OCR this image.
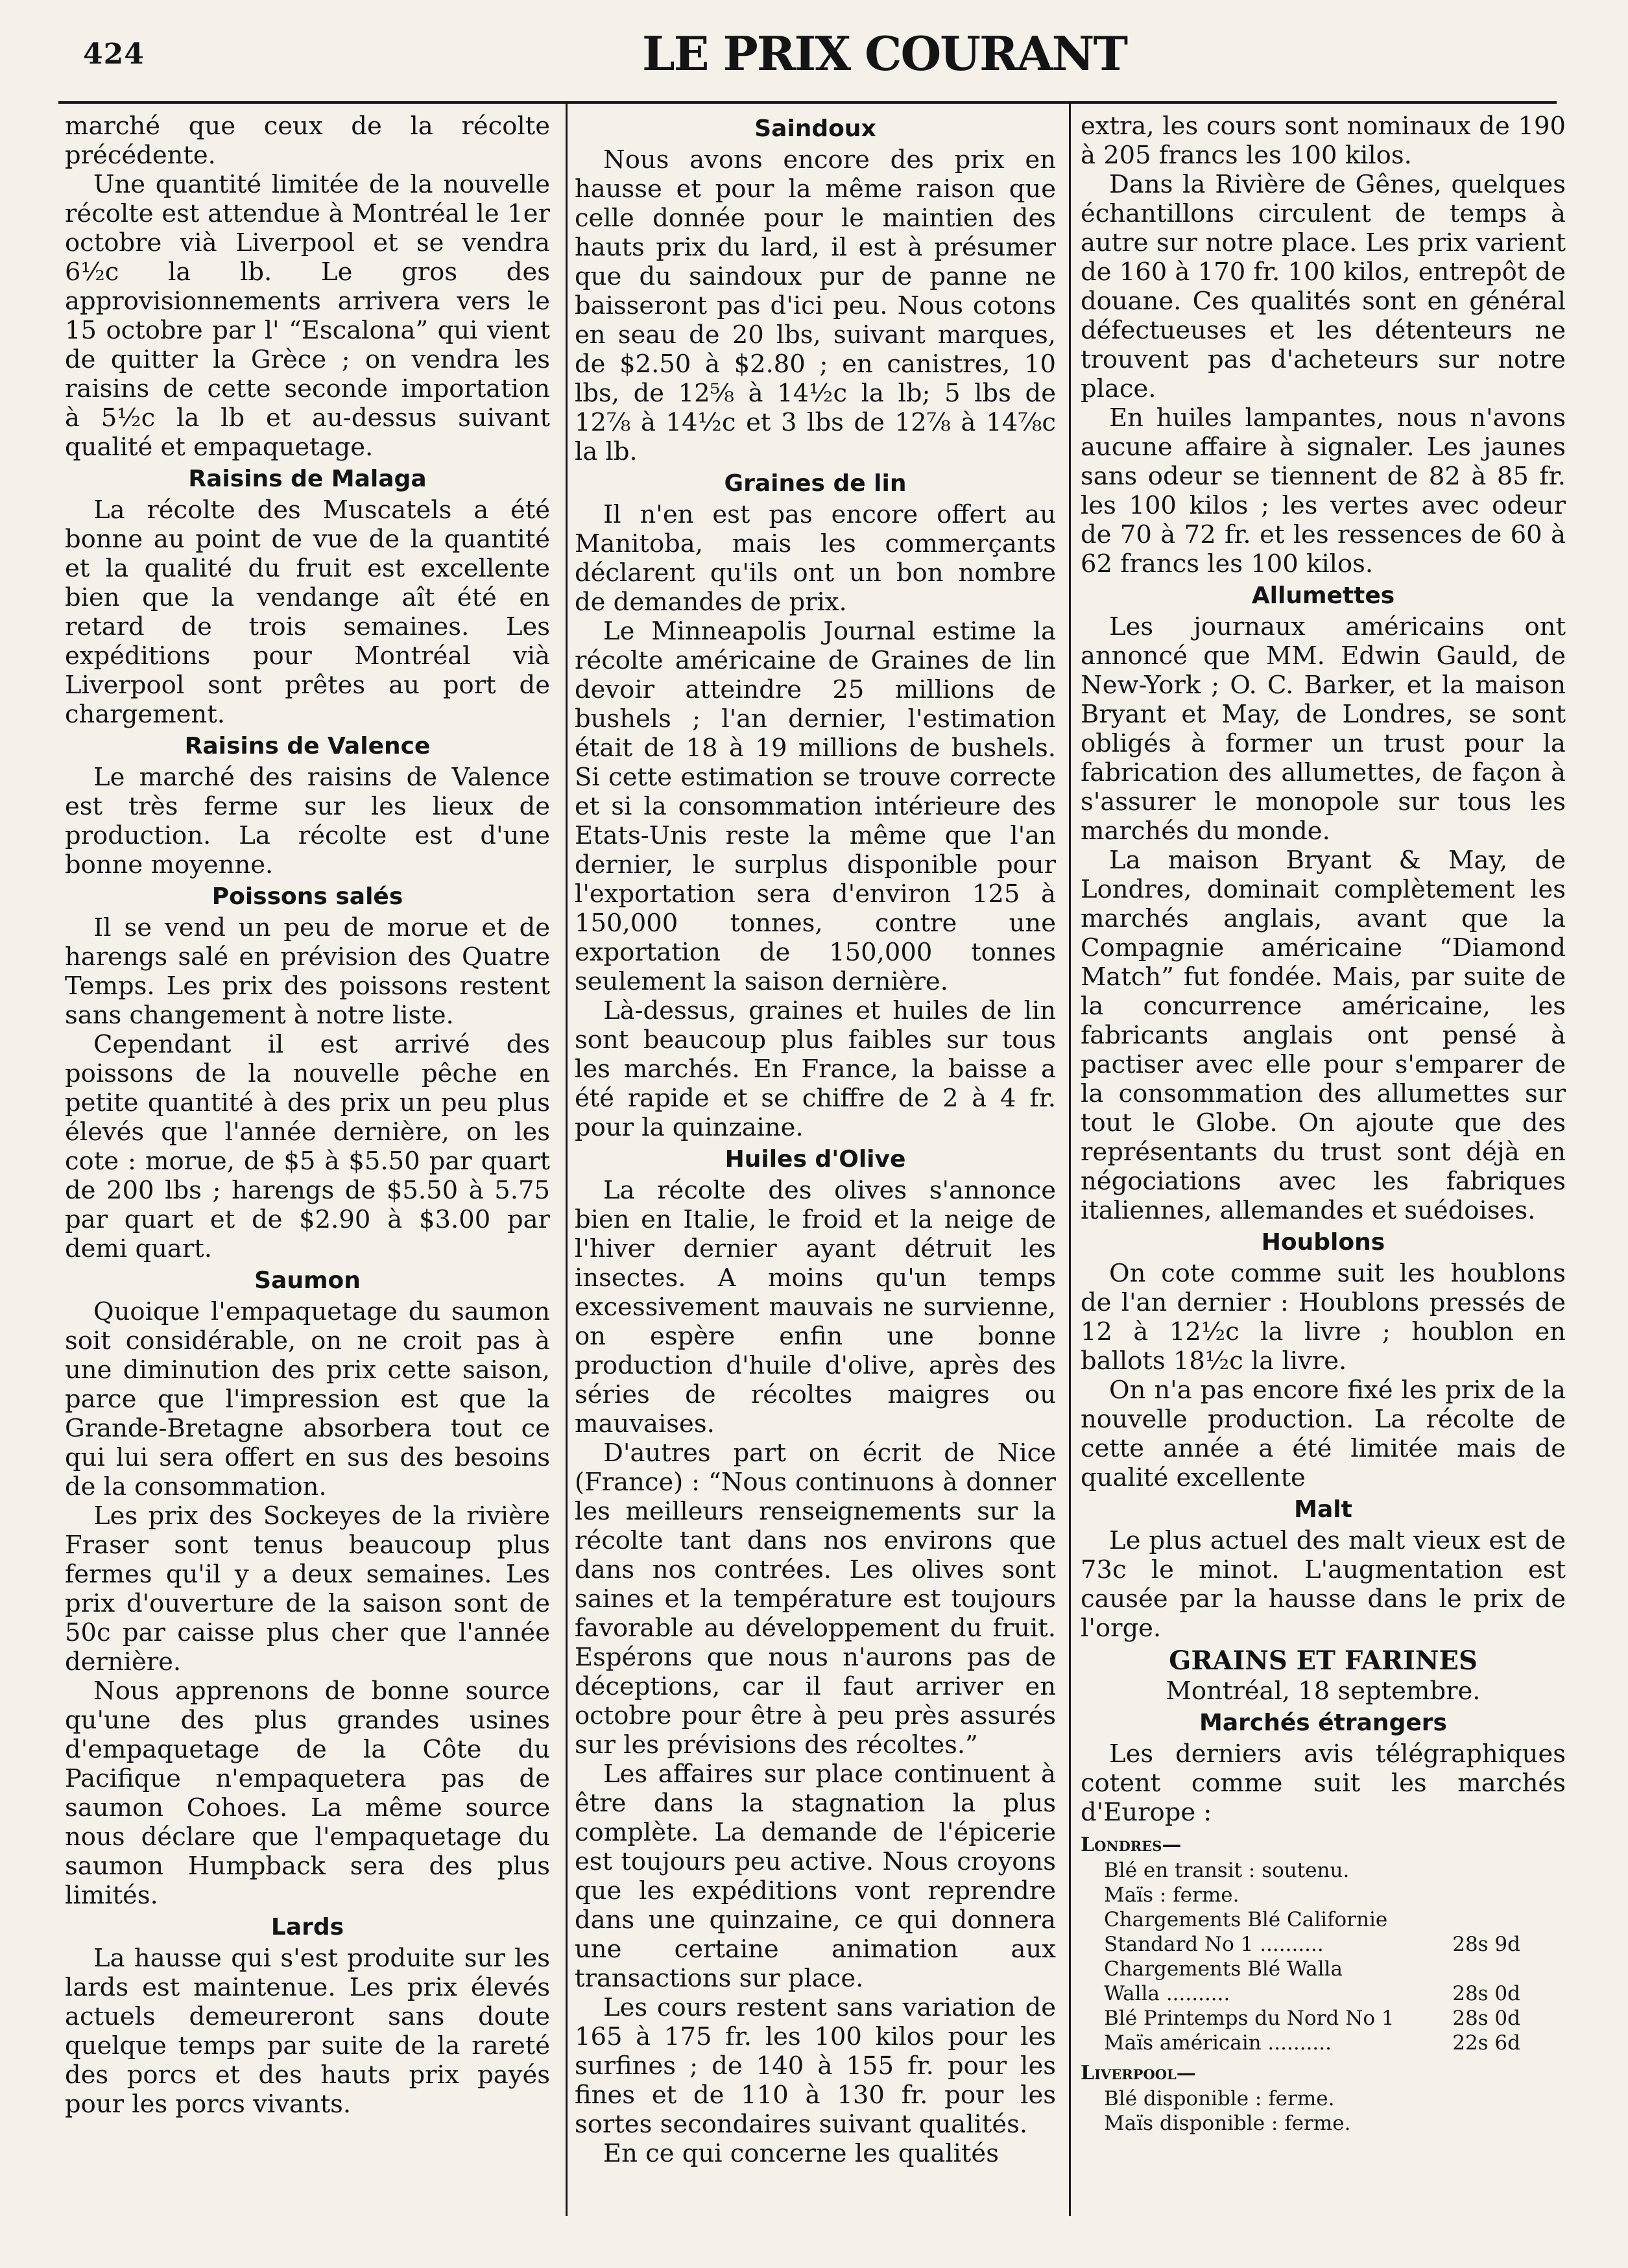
424	LE PRIX COURANT

marché que ceux de la récolte précédente.

Une quantité limitée de la nouvelle récolte est attendue à Montréal le 1er octobre vià Liverpool et se vendra 6½c la lb. Le gros des approvisionnements arrivera vers le 15 octobre par l' “Escalona” qui vient de quitter la Grèce ; on vendra les raisins de cette seconde importation à 5½c la lb et au-dessus suivant qualité et empaquetage.

Raisins de Malaga

La récolte des Muscatels a été bonne au point de vue de la quantité et la qualité du fruit est excellente bien que la vendange aît été en retard de trois semaines. Les expéditions pour Montréal vià Liverpool sont prêtes au port de chargement.

Raisins de Valence

Le marché des raisins de Valence est très ferme sur les lieux de production. La récolte est d'une bonne moyenne.

Poissons salés

Il se vend un peu de morue et de harengs salé en prévision des Quatre Temps. Les prix des poissons restent sans changement à notre liste.

Cependant il est arrivé des poissons de la nouvelle pêche en petite quantité à des prix un peu plus élevés que l'année dernière, on les cote : morue, de $5 à $5.50 par quart de 200 lbs ; harengs de $5.50 à 5.75 par quart et de $2.90 à $3.00 par demi quart.

Saumon

Quoique l'empaquetage du saumon soit considérable, on ne croit pas à une diminution des prix cette saison, parce que l'impression est que la Grande-Bretagne absorbera tout ce qui lui sera offert en sus des besoins de la consommation.

Les prix des Sockeyes de la rivière Fraser sont tenus beaucoup plus fermes qu'il y a deux semaines. Les prix d'ouverture de la saison sont de 50c par caisse plus cher que l'année dernière.

Nous apprenons de bonne source qu'une des plus grandes usines d'empaquetage de la Côte du Pacifique n'empaquetera pas de saumon Cohoes. La même source nous déclare que l'empaquetage du saumon Humpback sera des plus limités.

Lards

La hausse qui s'est produite sur les lards est maintenue. Les prix élevés actuels demeureront sans doute quelque temps par suite de la rareté des porcs et des hauts prix payés pour les porcs vivants.

Saindoux

Nous avons encore des prix en hausse et pour la même raison que celle donnée pour le maintien des hauts prix du lard, il est à présumer que du saindoux pur de panne ne baisseront pas d'ici peu. Nous cotons en seau de 20 lbs, suivant marques, de $2.50 à $2.80 ; en canistres, 10 lbs, de 12⅝ à 14½c la lb; 5 lbs de 12⅞ à 14½c et 3 lbs de 12⅞ à 14⅞c la lb.

Graines de lin

Il n'en est pas encore offert au Manitoba, mais les commerçants déclarent qu'ils ont un bon nombre de demandes de prix.

Le Minneapolis Journal estime la récolte américaine de Graines de lin devoir atteindre 25 millions de bushels ; l'an dernier, l'estimation était de 18 à 19 millions de bushels. Si cette estimation se trouve correcte et si la consommation intérieure des Etats-Unis reste la même que l'an dernier, le surplus disponible pour l'exportation sera d'environ 125 à 150,000 tonnes, contre une exportation de 150,000 tonnes seulement la saison dernière.

Là-dessus, graines et huiles de lin sont beaucoup plus faibles sur tous les marchés. En France, la baisse a été rapide et se chiffre de 2 à 4 fr. pour la quinzaine.

Huiles d'Olive

La récolte des olives s'annonce bien en Italie, le froid et la neige de l'hiver dernier ayant détruit les insectes. A moins qu'un temps excessivement mauvais ne survienne, on espère enfin une bonne production d'huile d'olive, après des séries de récoltes maigres ou mauvaises.

D'autres part on écrit de Nice (France) : “Nous continuons à donner les meilleurs renseignements sur la récolte tant dans nos environs que dans nos contrées. Les olives sont saines et la température est toujours favorable au développement du fruit. Espérons que nous n'aurons pas de déceptions, car il faut arriver en octobre pour être à peu près assurés sur les prévisions des récoltes.”

Les affaires sur place continuent à être dans la stagnation la plus complète. La demande de l'épicerie est toujours peu active. Nous croyons que les expéditions vont reprendre dans une quinzaine, ce qui donnera une certaine animation aux transactions sur place.

Les cours restent sans variation de 165 à 175 fr. les 100 kilos pour les surfines ; de 140 à 155 fr. pour les fines et de 110 à 130 fr. pour les sortes secondaires suivant qualités.

En ce qui concerne les qualités

extra, les cours sont nominaux de 190 à 205 francs les 100 kilos.

Dans la Rivière de Gênes, quelques échantillons circulent de temps à autre sur notre place. Les prix varient de 160 à 170 fr. 100 kilos, entrepôt de douane. Ces qualités sont en général défectueuses et les détenteurs ne trouvent pas d'acheteurs sur notre place.

En huiles lampantes, nous n'avons aucune affaire à signaler. Les jaunes sans odeur se tiennent de 82 à 85 fr. les 100 kilos ; les vertes avec odeur de 70 à 72 fr. et les ressences de 60 à 62 francs les 100 kilos.

Allumettes

Les journaux américains ont annoncé que MM. Edwin Gauld, de New-York ; O. C. Barker, et la maison Bryant et May, de Londres, se sont obligés à former un trust pour la fabrication des allumettes, de façon à s'assurer le monopole sur tous les marchés du monde.

La maison Bryant & May, de Londres, dominait complètement les marchés anglais, avant que la Compagnie américaine “Diamond Match” fut fondée. Mais, par suite de la concurrence américaine, les fabricants anglais ont pensé à pactiser avec elle pour s'emparer de la consommation des allumettes sur tout le Globe. On ajoute que des représentants du trust sont déjà en négociations avec les fabriques italiennes, allemandes et suédoises.

Houblons

On cote comme suit les houblons de l'an dernier : Houblons pressés de 12 à 12½c la livre ; houblon en ballots 18½c la livre.

On n'a pas encore fixé les prix de la nouvelle production. La récolte de cette année a été limitée mais de qualité excellente

Malt

Le plus actuel des malt vieux est de 73c le minot. L'augmentation est causée par la hausse dans le prix de l'orge.

GRAINS ET FARINES
Montréal, 18 septembre.
Marchés étrangers

Les derniers avis télégraphiques cotent comme suit les marchés d'Europe :

Londres—
Blé en transit : soutenu.
Maïs : ferme.
Chargements Blé Californie
Standard No 1 ..........	28s 9d
Chargements Blé Walla
Walla ..........	28s 0d
Blé Printemps du Nord No 1	28s 0d
Maïs américain ..........	22s 6d
Liverpool—
Blé disponible : ferme.
Maïs disponible : ferme.
